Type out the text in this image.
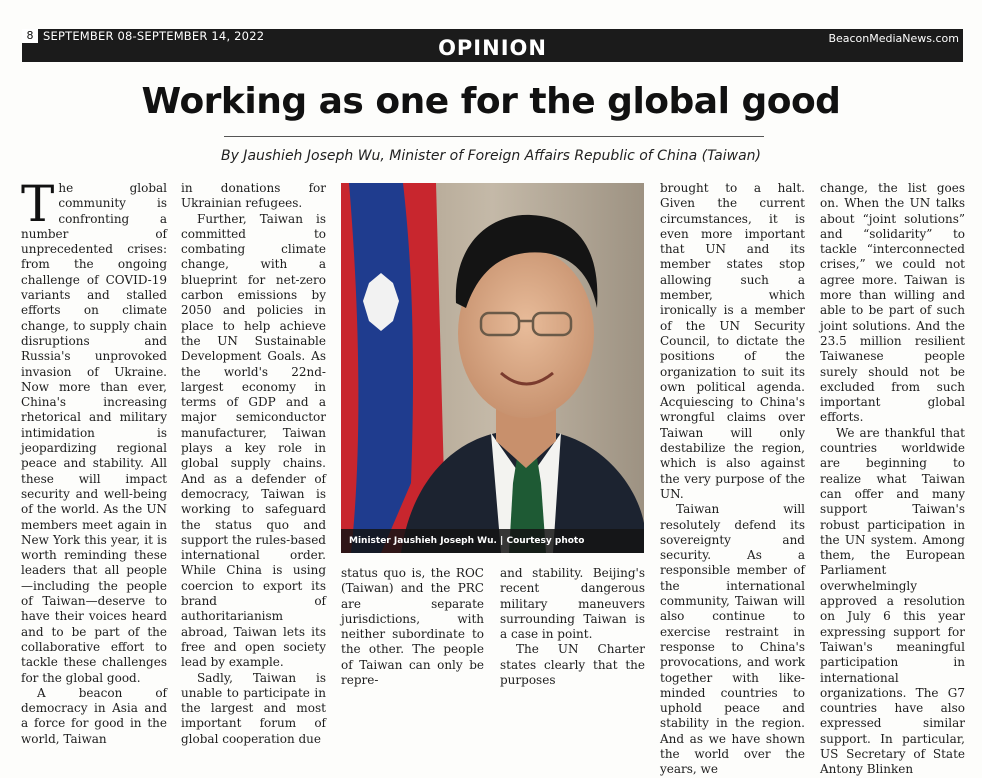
8 SEPTEMBER 08-SEPTEMBER 14, 2022	OPINION	BeaconMediaNews.com
Working as one for the global good
By Jaushieh Joseph Wu, Minister of Foreign Affairs Republic of China (Taiwan)

The global community is confronting a number of unprecedented crises: from the ongoing challenge of COVID-19 variants and stalled efforts on climate change, to supply chain disruptions and Russia's unprovoked invasion of Ukraine. Now more than ever, China's increasing rhetorical and military intimidation is jeopardizing regional peace and stability. All these will impact security and well-being of the world. As the UN members meet again in New York this year, it is worth reminding these leaders that all people—including the people of Taiwan—deserve to have their voices heard and to be part of the collaborative effort to tackle these challenges for the global good.

A beacon of democracy in Asia and a force for good in the world, Taiwan

in donations for Ukrainian refugees.

Further, Taiwan is committed to combating climate change, with a blueprint for net-zero carbon emissions by 2050 and policies in place to help achieve the UN Sustainable Development Goals. As the world's 22nd-largest economy in terms of GDP and a major semiconductor manufacturer, Taiwan plays a key role in global supply chains. And as a defender of democracy, Taiwan is working to safeguard the status quo and support the rules-based international order. While China is using coercion to export its brand of authoritarianism abroad, Taiwan lets its free and open society lead by example.

Sadly, Taiwan is unable to participate in the largest and most important forum of global cooperation due

Minister Jaushieh Joseph Wu. | Courtesy photo

status quo is, the ROC (Taiwan) and the PRC are separate jurisdictions, with neither subordinate to the other. The people of Taiwan can only be repre-

and stability. Beijing's recent dangerous military maneuvers surrounding Taiwan is a case in point.

The UN Charter states clearly that the purposes

brought to a halt. Given the current circumstances, it is even more important that UN and its member states stop allowing such a member, which ironically is a member of the UN Security Council, to dictate the positions of the organization to suit its own political agenda. Acquiescing to China's wrongful claims over Taiwan will only destabilize the region, which is also against the very purpose of the UN.

Taiwan will resolutely defend its sovereignty and security. As a responsible member of the international community, Taiwan will also continue to exercise restraint in response to China's provocations, and work together with like-minded countries to uphold peace and stability in the region. And as we have shown the world over the years, we

change, the list goes on. When the UN talks about “joint solutions” and “solidarity” to tackle “interconnected crises,” we could not agree more. Taiwan is more than willing and able to be part of such joint solutions. And the 23.5 million resilient Taiwanese people surely should not be excluded from such important global efforts.

We are thankful that countries worldwide are beginning to realize what Taiwan can offer and many support Taiwan's robust participation in the UN system. Among them, the European Parliament overwhelmingly approved a resolution on July 6 this year expressing support for Taiwan's meaningful participation in international organizations. The G7 countries have also expressed similar support. In particular, US Secretary of State Antony Blinken
